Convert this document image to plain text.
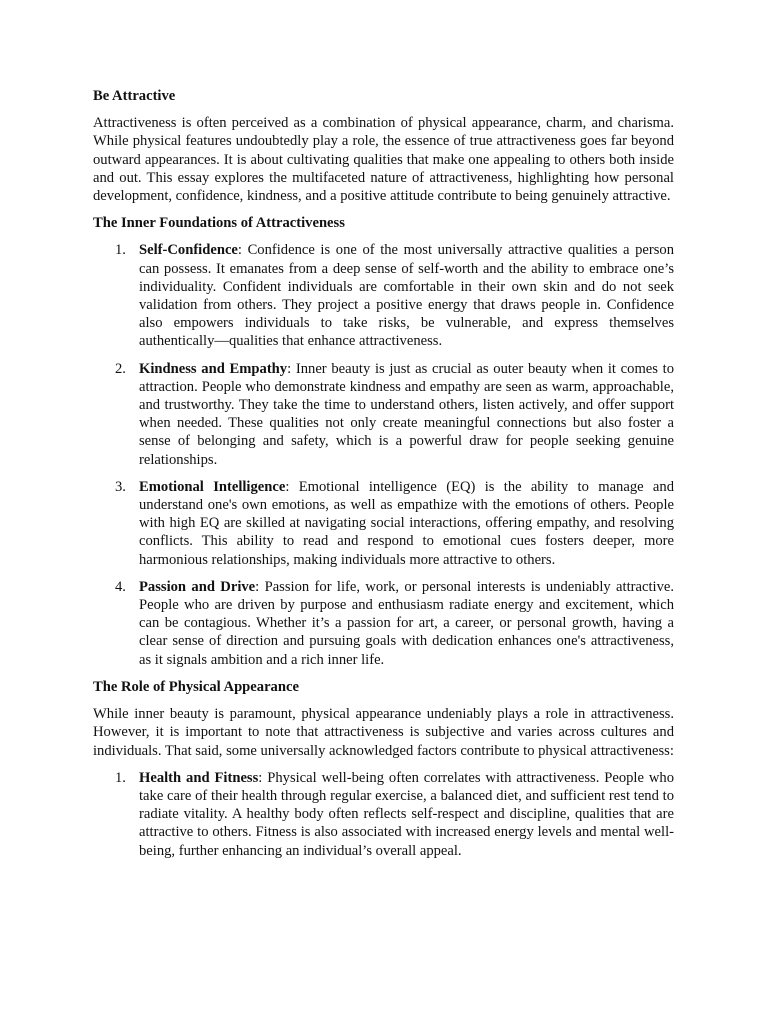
Be Attractive

Attractiveness is often perceived as a combination of physical appearance, charm, and charisma. While physical features undoubtedly play a role, the essence of true attractiveness goes far beyond outward appearances. It is about cultivating qualities that make one appealing to others both inside and out. This essay explores the multifaceted nature of attractiveness, highlighting how personal development, confidence, kindness, and a positive attitude contribute to being genuinely attractive.

The Inner Foundations of Attractiveness
1. Self-Confidence: Confidence is one of the most universally attractive qualities a person can possess. It emanates from a deep sense of self-worth and the ability to embrace one’s individuality. Confident individuals are comfortable in their own skin and do not seek validation from others. They project a positive energy that draws people in. Confidence also empowers individuals to take risks, be vulnerable, and express themselves authentically—qualities that enhance attractiveness.
2. Kindness and Empathy: Inner beauty is just as crucial as outer beauty when it comes to attraction. People who demonstrate kindness and empathy are seen as warm, approachable, and trustworthy. They take the time to understand others, listen actively, and offer support when needed. These qualities not only create meaningful connections but also foster a sense of belonging and safety, which is a powerful draw for people seeking genuine relationships.
3. Emotional Intelligence: Emotional intelligence (EQ) is the ability to manage and understand one's own emotions, as well as empathize with the emotions of others. People with high EQ are skilled at navigating social interactions, offering empathy, and resolving conflicts. This ability to read and respond to emotional cues fosters deeper, more harmonious relationships, making individuals more attractive to others.
4. Passion and Drive: Passion for life, work, or personal interests is undeniably attractive. People who are driven by purpose and enthusiasm radiate energy and excitement, which can be contagious. Whether it’s a passion for art, a career, or personal growth, having a clear sense of direction and pursuing goals with dedication enhances one's attractiveness, as it signals ambition and a rich inner life.
The Role of Physical Appearance

While inner beauty is paramount, physical appearance undeniably plays a role in attractiveness. However, it is important to note that attractiveness is subjective and varies across cultures and individuals. That said, some universally acknowledged factors contribute to physical attractiveness:

1. Health and Fitness: Physical well-being often correlates with attractiveness. People who take care of their health through regular exercise, a balanced diet, and sufficient rest tend to radiate vitality. A healthy body often reflects self-respect and discipline, qualities that are attractive to others. Fitness is also associated with increased energy levels and mental well-being, further enhancing an individual’s overall appeal.
